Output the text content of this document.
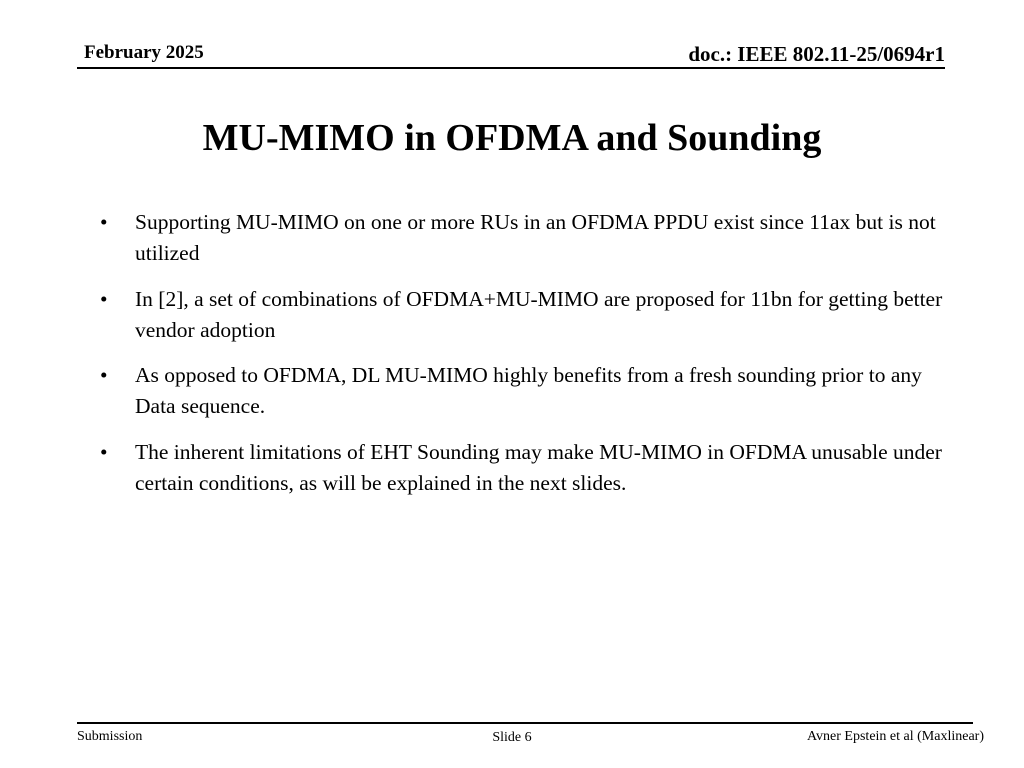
February 2025	doc.: IEEE 802.11-25/0694r1
MU-MIMO in OFDMA and Sounding
• Supporting MU-MIMO on one or more RUs in an OFDMA PPDU exist since 11ax but is not utilized
• In [2], a set of combinations of OFDMA+MU-MIMO are proposed for 11bn for getting better vendor adoption
• As opposed to OFDMA, DL MU-MIMO highly benefits from a fresh sounding prior to any Data sequence.
• The inherent limitations of EHT Sounding may make MU-MIMO in OFDMA unusable under certain conditions, as will be explained in the next slides.
Submission	Slide 6	Avner Epstein et al (Maxlinear)
